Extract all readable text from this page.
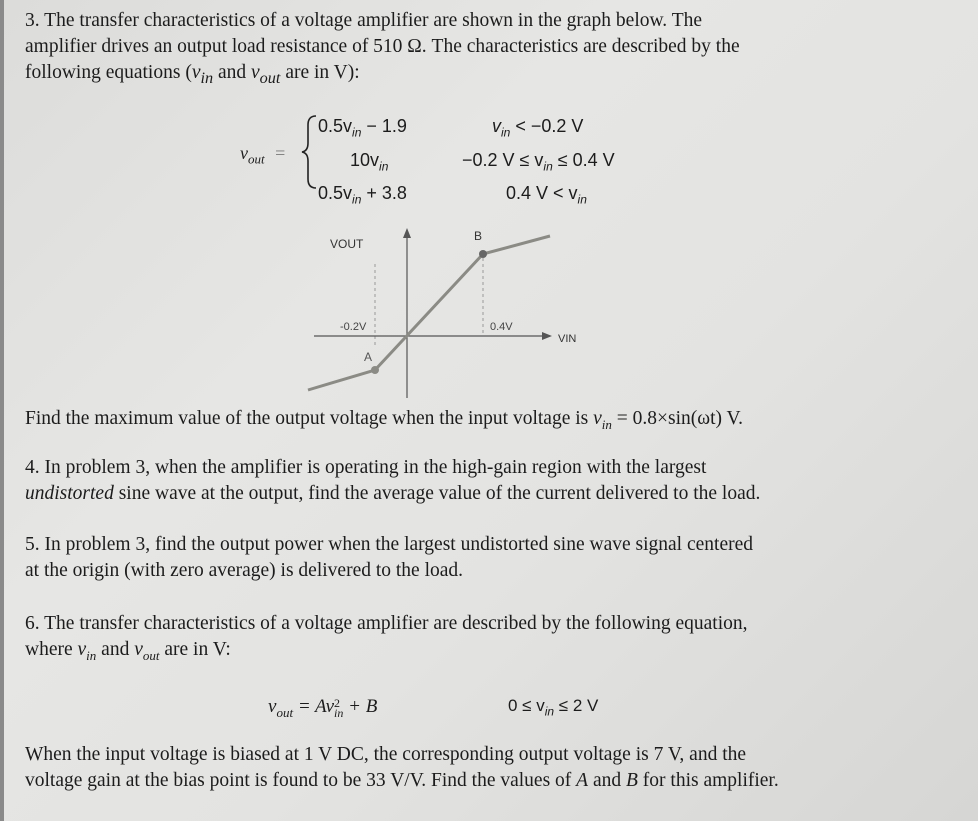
3. The transfer characteristics of a voltage amplifier are shown in the graph below. The
amplifier drives an output load resistance of 510 Ω. The characteristics are described by the
following equations ($v_{in}$ and $v_{out}$ are in V):

$v_{out}$ =
$0.5v_{in} - 1.9$
$10v_{in}$
$0.5v_{in} + 3.8$
$v_{in} < -0.2$ V
−0.2 $V \le v_{in} \le 0.4$ V
0.4 $V < v_{in}$
VOUT
VIN
B
A
-0.2V	0.4V

Find the maximum value of the output voltage when the input voltage is $v_{in} = 0.8\times\sin(\omega t)$ V.

4. In problem 3, when the amplifier is operating in the high-gain region with the largest
undistorted sine wave at the output, find the average value of the current delivered to the load.

5. In problem 3, find the output power when the largest undistorted sine wave signal centered
at the origin (with zero average) is delivered to the load.

6. The transfer characteristics of a voltage amplifier are described by the following equation,
where $v_{in}$ and $v_{out}$ are in V:

$v_{out} = Av2$
in + B	$0 \le v_{in} \le 2$ V

When the input voltage is biased at 1 V DC, the corresponding output voltage is 7 V, and the
voltage gain at the bias point is found to be 33 V/V. Find the values of A and B for this amplifier.
